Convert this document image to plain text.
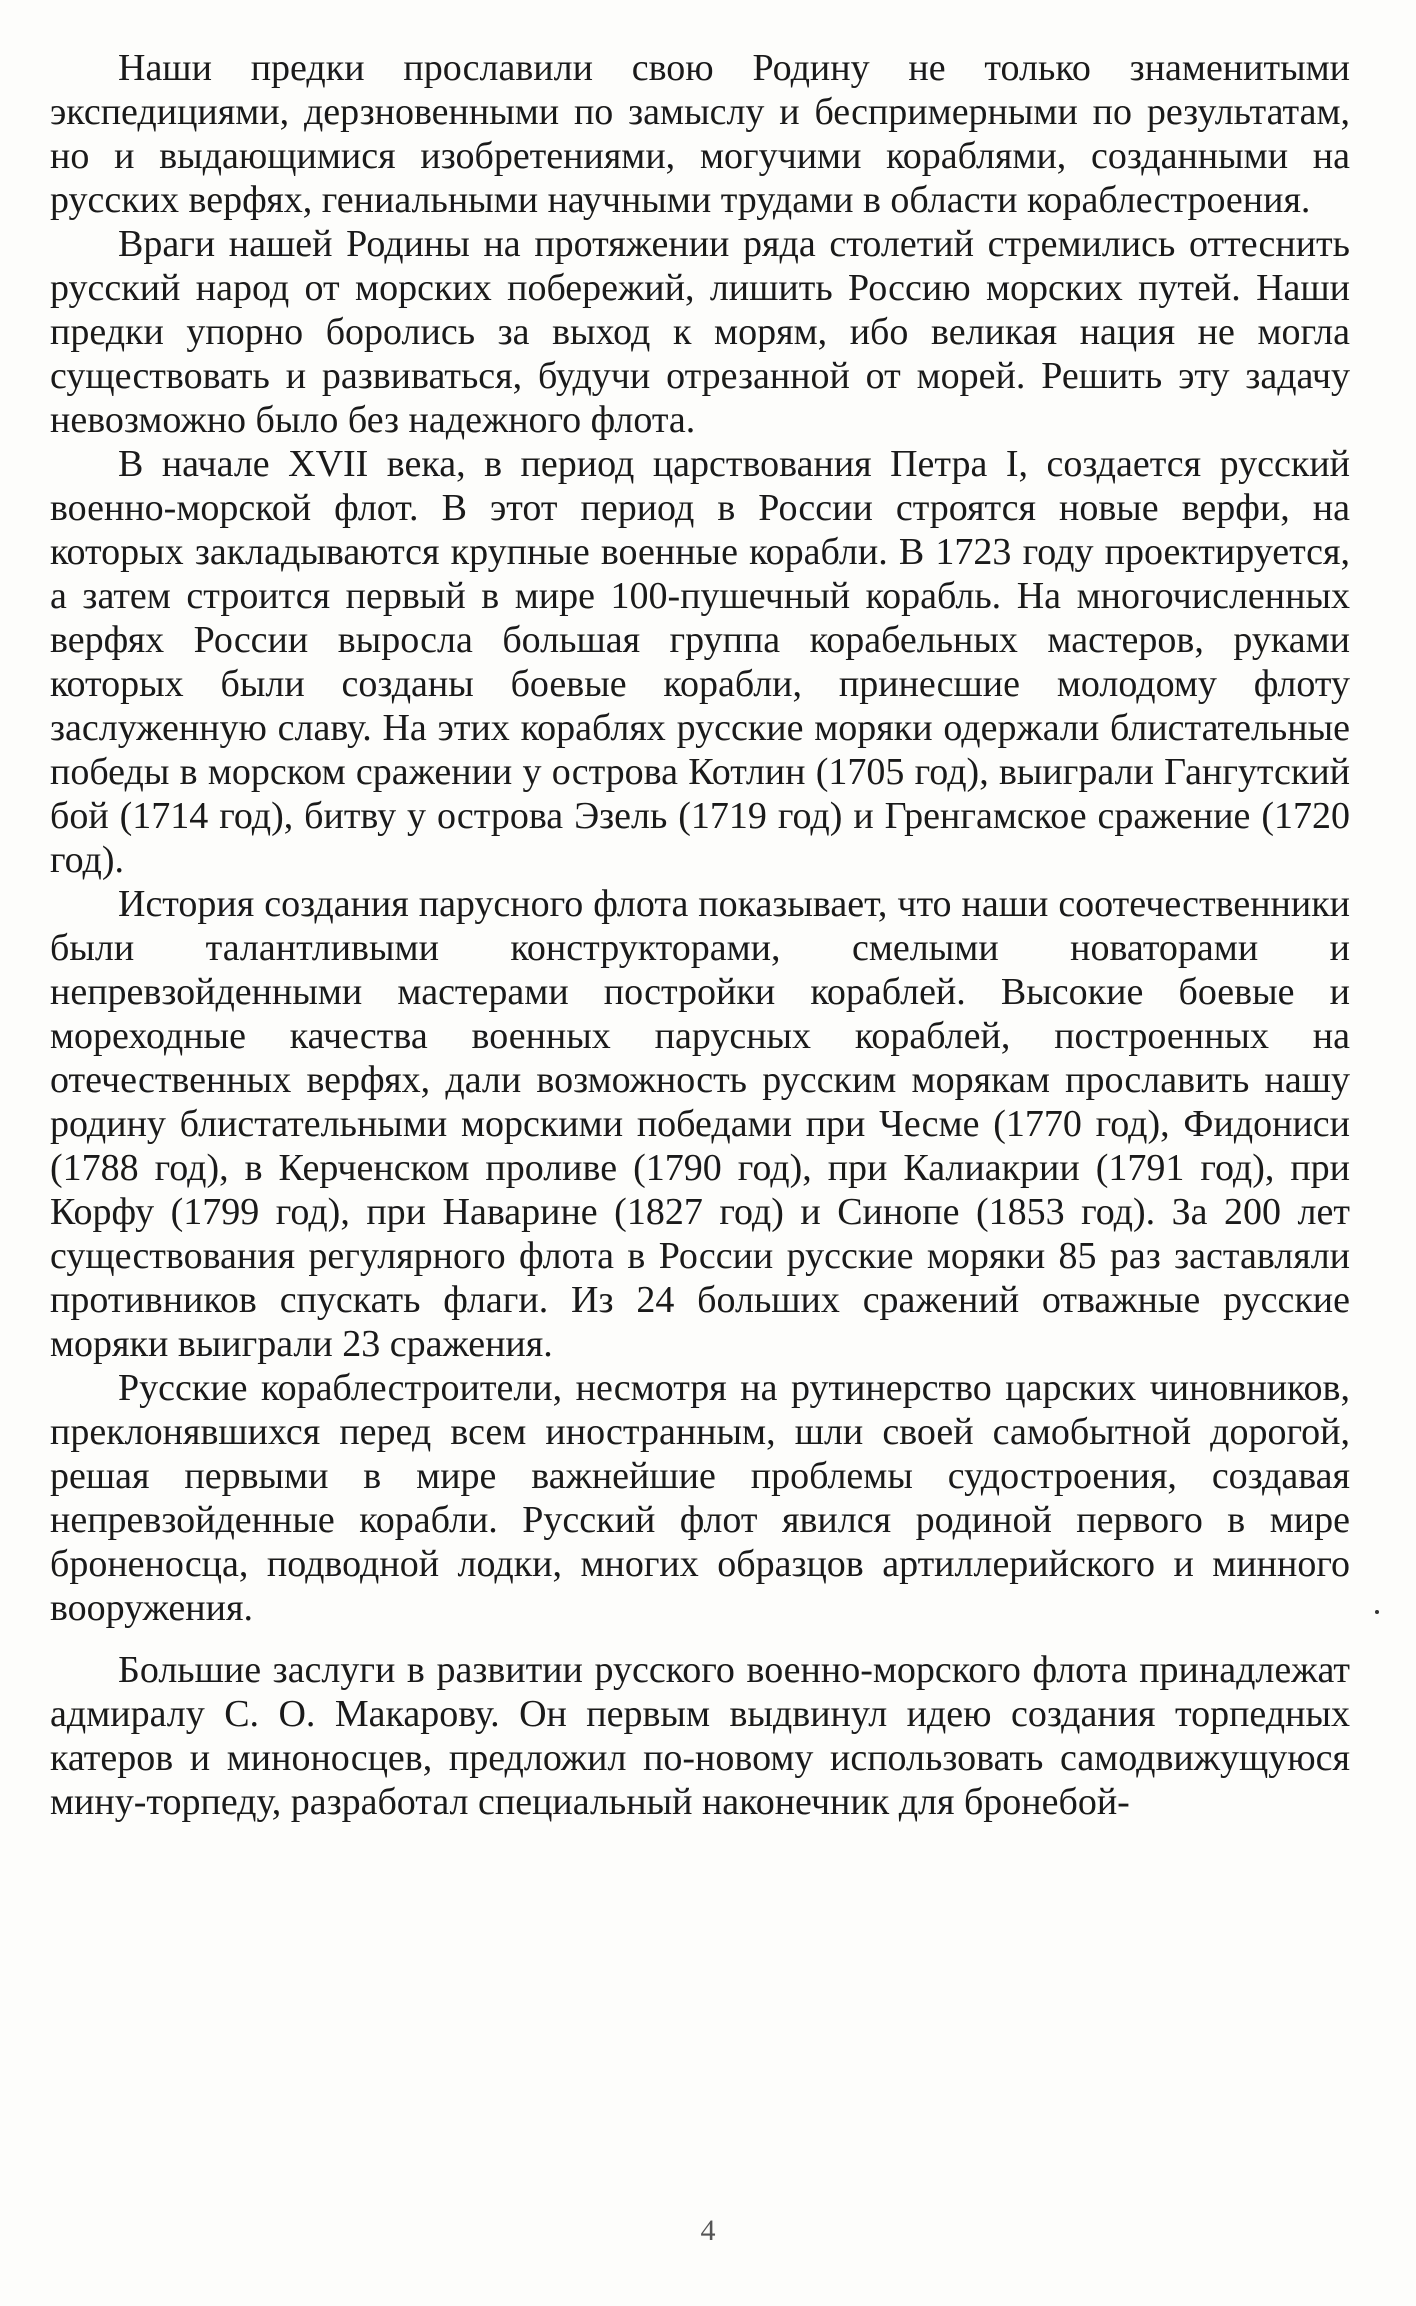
Наши предки прославили свою Родину не только знаменитыми экспедициями, дерзновенными по замыслу и беспримерными по результатам, но и выдающимися изобретениями, могучими кораблями, созданными на русских верфях, гениальными научными трудами в области кораблестроения.

Враги нашей Родины на протяжении ряда столетий стремились оттеснить русский народ от морских побережий, лишить Россию морских путей. Наши предки упорно боролись за выход к морям, ибо великая нация не могла существовать и развиваться, будучи отрезанной от морей. Решить эту задачу невозможно было без надежного флота.

В начале XVII века, в период царствования Петра I, создается русский военно-морской флот. В этот период в России строятся новые верфи, на которых закладываются крупные военные корабли. В 1723 году проектируется, а затем строится первый в мире 100-пушечный корабль. На многочисленных верфях России выросла большая группа корабельных мастеров, руками которых были созданы боевые корабли, принесшие молодому флоту заслуженную славу. На этих кораблях русские моряки одержали блистательные победы в морском сражении у острова Котлин (1705 год), выиграли Гангутский бой (1714 год), битву у острова Эзель (1719 год) и Гренгамское сражение (1720 год).

История создания парусного флота показывает, что наши соотечественники были талантливыми конструкторами, смелыми новаторами и непревзойденными мастерами постройки кораблей. Высокие боевые и мореходные качества военных парусных кораблей, построенных на отечественных верфях, дали возможность русским морякам прославить нашу родину блистательными морскими победами при Чесме (1770 год), Фидониси (1788 год), в Керченском проливе (1790 год), при Калиакрии (1791 год), при Корфу (1799 год), при Наварине (1827 год) и Синопе (1853 год). За 200 лет существования регулярного флота в России русские моряки 85 раз заставляли противников спускать флаги. Из 24 больших сражений отважные русские моряки выиграли 23 сражения.

Русские кораблестроители, несмотря на рутинерство царских чиновников, преклонявшихся перед всем иностранным, шли своей самобытной дорогой, решая первыми в мире важнейшие проблемы судостроения, создавая непревзойденные корабли. Русский флот явился родиной первого в мире броненосца, подводной лодки, многих образцов артиллерийского и минного вооружения.

Большие заслуги в развитии русского военно-морского флота принадлежат адмиралу С. О. Макарову. Он первым выдвинул идею создания торпедных катеров и миноносцев, предложил по-новому использовать самодвижущуюся мину-торпеду, разработал специальный наконечник для бронебой-

4
